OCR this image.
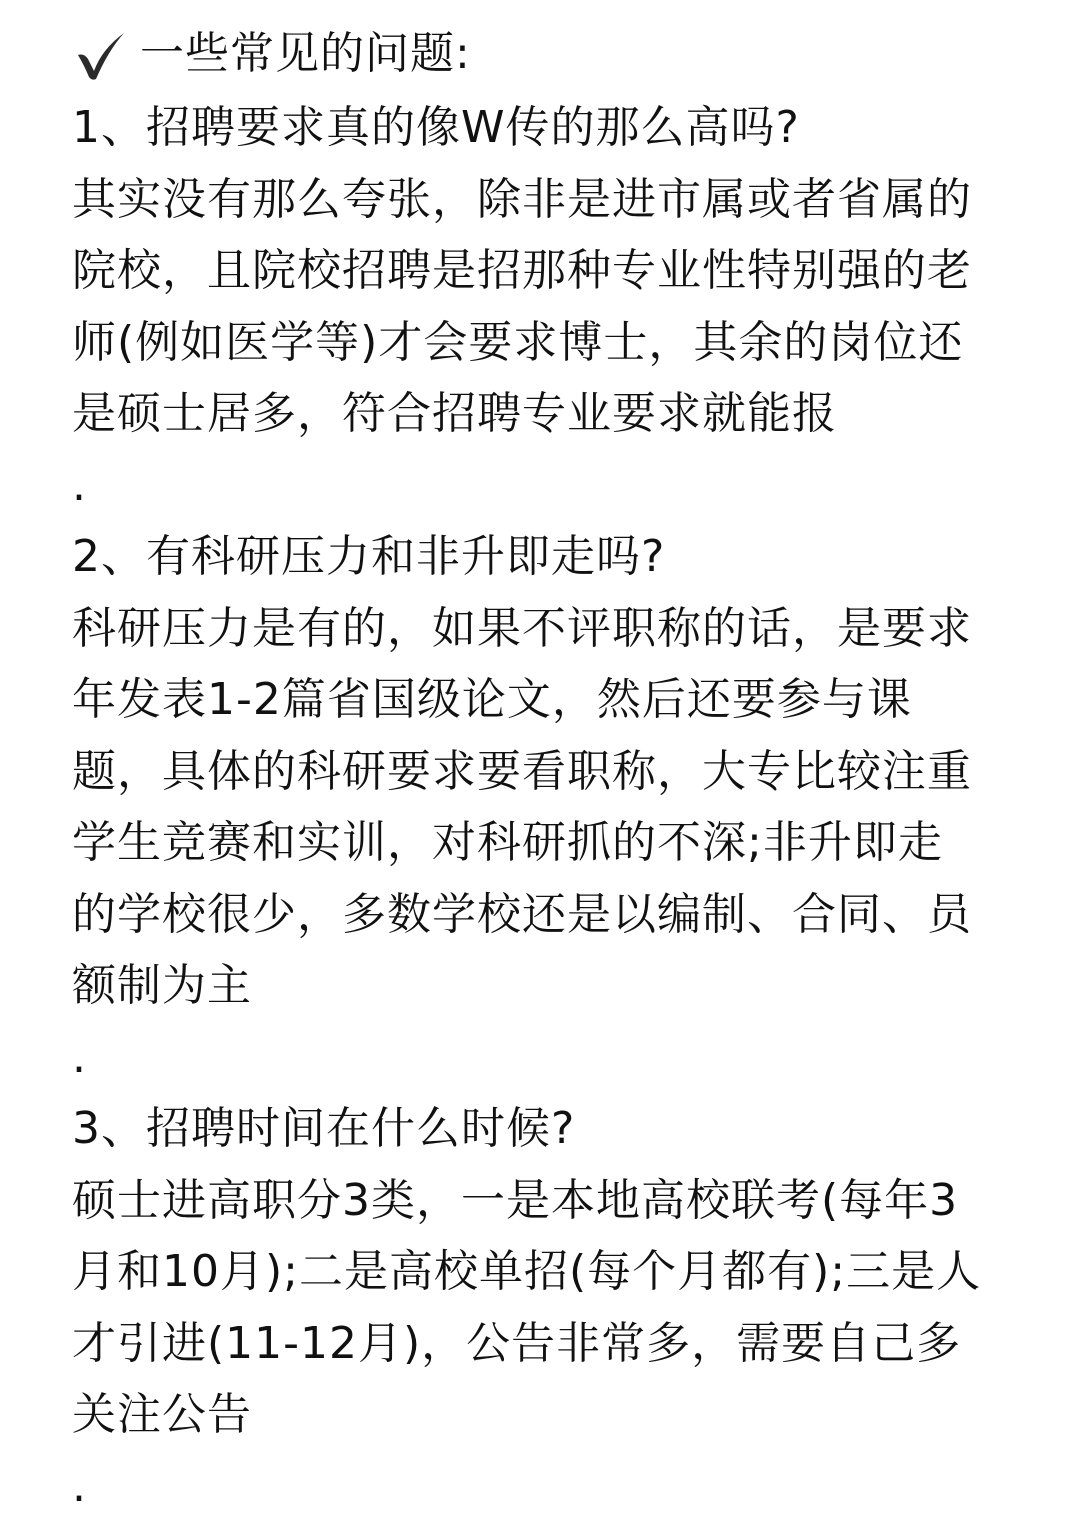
一些常见的问题:
1、招聘要求真的像W传的那么高吗?
其实没有那么夸张，除非是进市属或者省属的
院校，且院校招聘是招那种专业性特别强的老
师(例如医学等)才会要求博士，其余的岗位还
是硕士居多，符合招聘专业要求就能报
.
2、有科研压力和非升即走吗?
科研压力是有的，如果不评职称的话，是要求
年发表1-2篇省国级论文，然后还要参与课
题，具体的科研要求要看职称，大专比较注重
学生竞赛和实训，对科研抓的不深;非升即走
的学校很少，多数学校还是以编制、合同、员
额制为主
.
3、招聘时间在什么时候?
硕士进高职分3类，一是本地高校联考(每年3
月和10月);二是高校单招(每个月都有);三是人
才引进(11-12月)，公告非常多，需要自己多
关注公告
.
